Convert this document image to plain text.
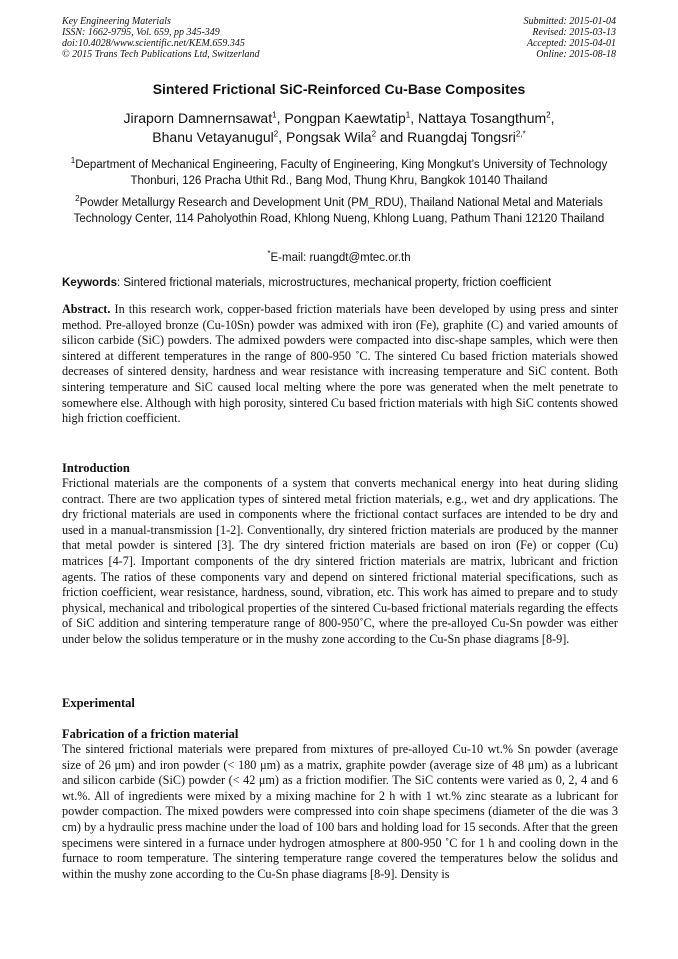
Key Engineering Materials
ISSN: 1662-9795, Vol. 659, pp 345-349
doi:10.4028/www.scientific.net/KEM.659.345
© 2015 Trans Tech Publications Ltd, Switzerland
Submitted: 2015-01-04
Revised: 2015-03-13
Accepted: 2015-04-01
Online: 2015-08-18
Sintered Frictional SiC-Reinforced Cu-Base Composites
Jiraporn Damnernsawat$^1$, Pongpan Kaewtatip$^1$, Nattaya Tosangthum$^2$,
Bhanu Vetayanugul$^2$, Pongsak Wila$^2$ and Ruangdaj Tongsri$^{2,*}$
$^1$Department of Mechanical Engineering, Faculty of Engineering, King Mongkut’s University of Technology Thonburi, 126 Pracha Uthit Rd., Bang Mod, Thung Khru, Bangkok 10140 Thailand
$^2$Powder Metallurgy Research and Development Unit (PM_RDU), Thailand National Metal and Materials Technology Center, 114 Paholyothin Road, Khlong Nueng, Khlong Luang, Pathum Thani 12120 Thailand
*E-mail: ruangdt@mtec.or.th
Keywords: Sintered frictional materials, microstructures, mechanical property, friction coefficient
Abstract. In this research work, copper-based friction materials have been developed by using press and sinter method. Pre-alloyed bronze (Cu-10Sn) powder was admixed with iron (Fe), graphite (C) and varied amounts of silicon carbide (SiC) powders. The admixed powders were compacted into disc-shape samples, which were then sintered at different temperatures in the range of 800-950 ˚C. The sintered Cu based friction materials showed decreases of sintered density, hardness and wear resistance with increasing temperature and SiC content. Both sintering temperature and SiC caused local melting where the pore was generated when the melt penetrate to somewhere else. Although with high porosity, sintered Cu based friction materials with high SiC contents showed high friction coefficient.
Introduction
Frictional materials are the components of a system that converts mechanical energy into heat during sliding contract. There are two application types of sintered metal friction materials, e.g., wet and dry applications. The dry frictional materials are used in components where the frictional contact surfaces are intended to be dry and used in a manual-transmission [1-2]. Conventionally, dry sintered friction materials are produced by the manner that metal powder is sintered [3]. The dry sintered friction materials are based on iron (Fe) or copper (Cu) matrices [4-7]. Important components of the dry sintered friction materials are matrix, lubricant and friction agents. The ratios of these components vary and depend on sintered frictional material specifications, such as friction coefficient, wear resistance, hardness, sound, vibration, etc. This work has aimed to prepare and to study physical, mechanical and tribological properties of the sintered Cu-based frictional materials regarding the effects of SiC addition and sintering temperature range of 800-950˚C, where the pre-alloyed Cu-Sn powder was either under below the solidus temperature or in the mushy zone according to the Cu-Sn phase diagrams [8-9].
Experimental
Fabrication of a friction material
The sintered frictional materials were prepared from mixtures of pre-alloyed Cu-10 wt.% Sn powder (average size of 26 μm) and iron powder (< 180 μm) as a matrix, graphite powder (average size of 48 μm) as a lubricant and silicon carbide (SiC) powder (< 42 μm) as a friction modifier. The SiC contents were varied as 0, 2, 4 and 6 wt.%. All of ingredients were mixed by a mixing machine for 2 h with 1 wt.% zinc stearate as a lubricant for powder compaction. The mixed powders were compressed into coin shape specimens (diameter of the die was 3 cm) by a hydraulic press machine under the load of 100 bars and holding load for 15 seconds. After that the green specimens were sintered in a furnace under hydrogen atmosphere at 800-950 ˚C for 1 h and cooling down in the furnace to room temperature. The sintering temperature range covered the temperatures below the solidus and within the mushy zone according to the Cu-Sn phase diagrams [8-9]. Density is
